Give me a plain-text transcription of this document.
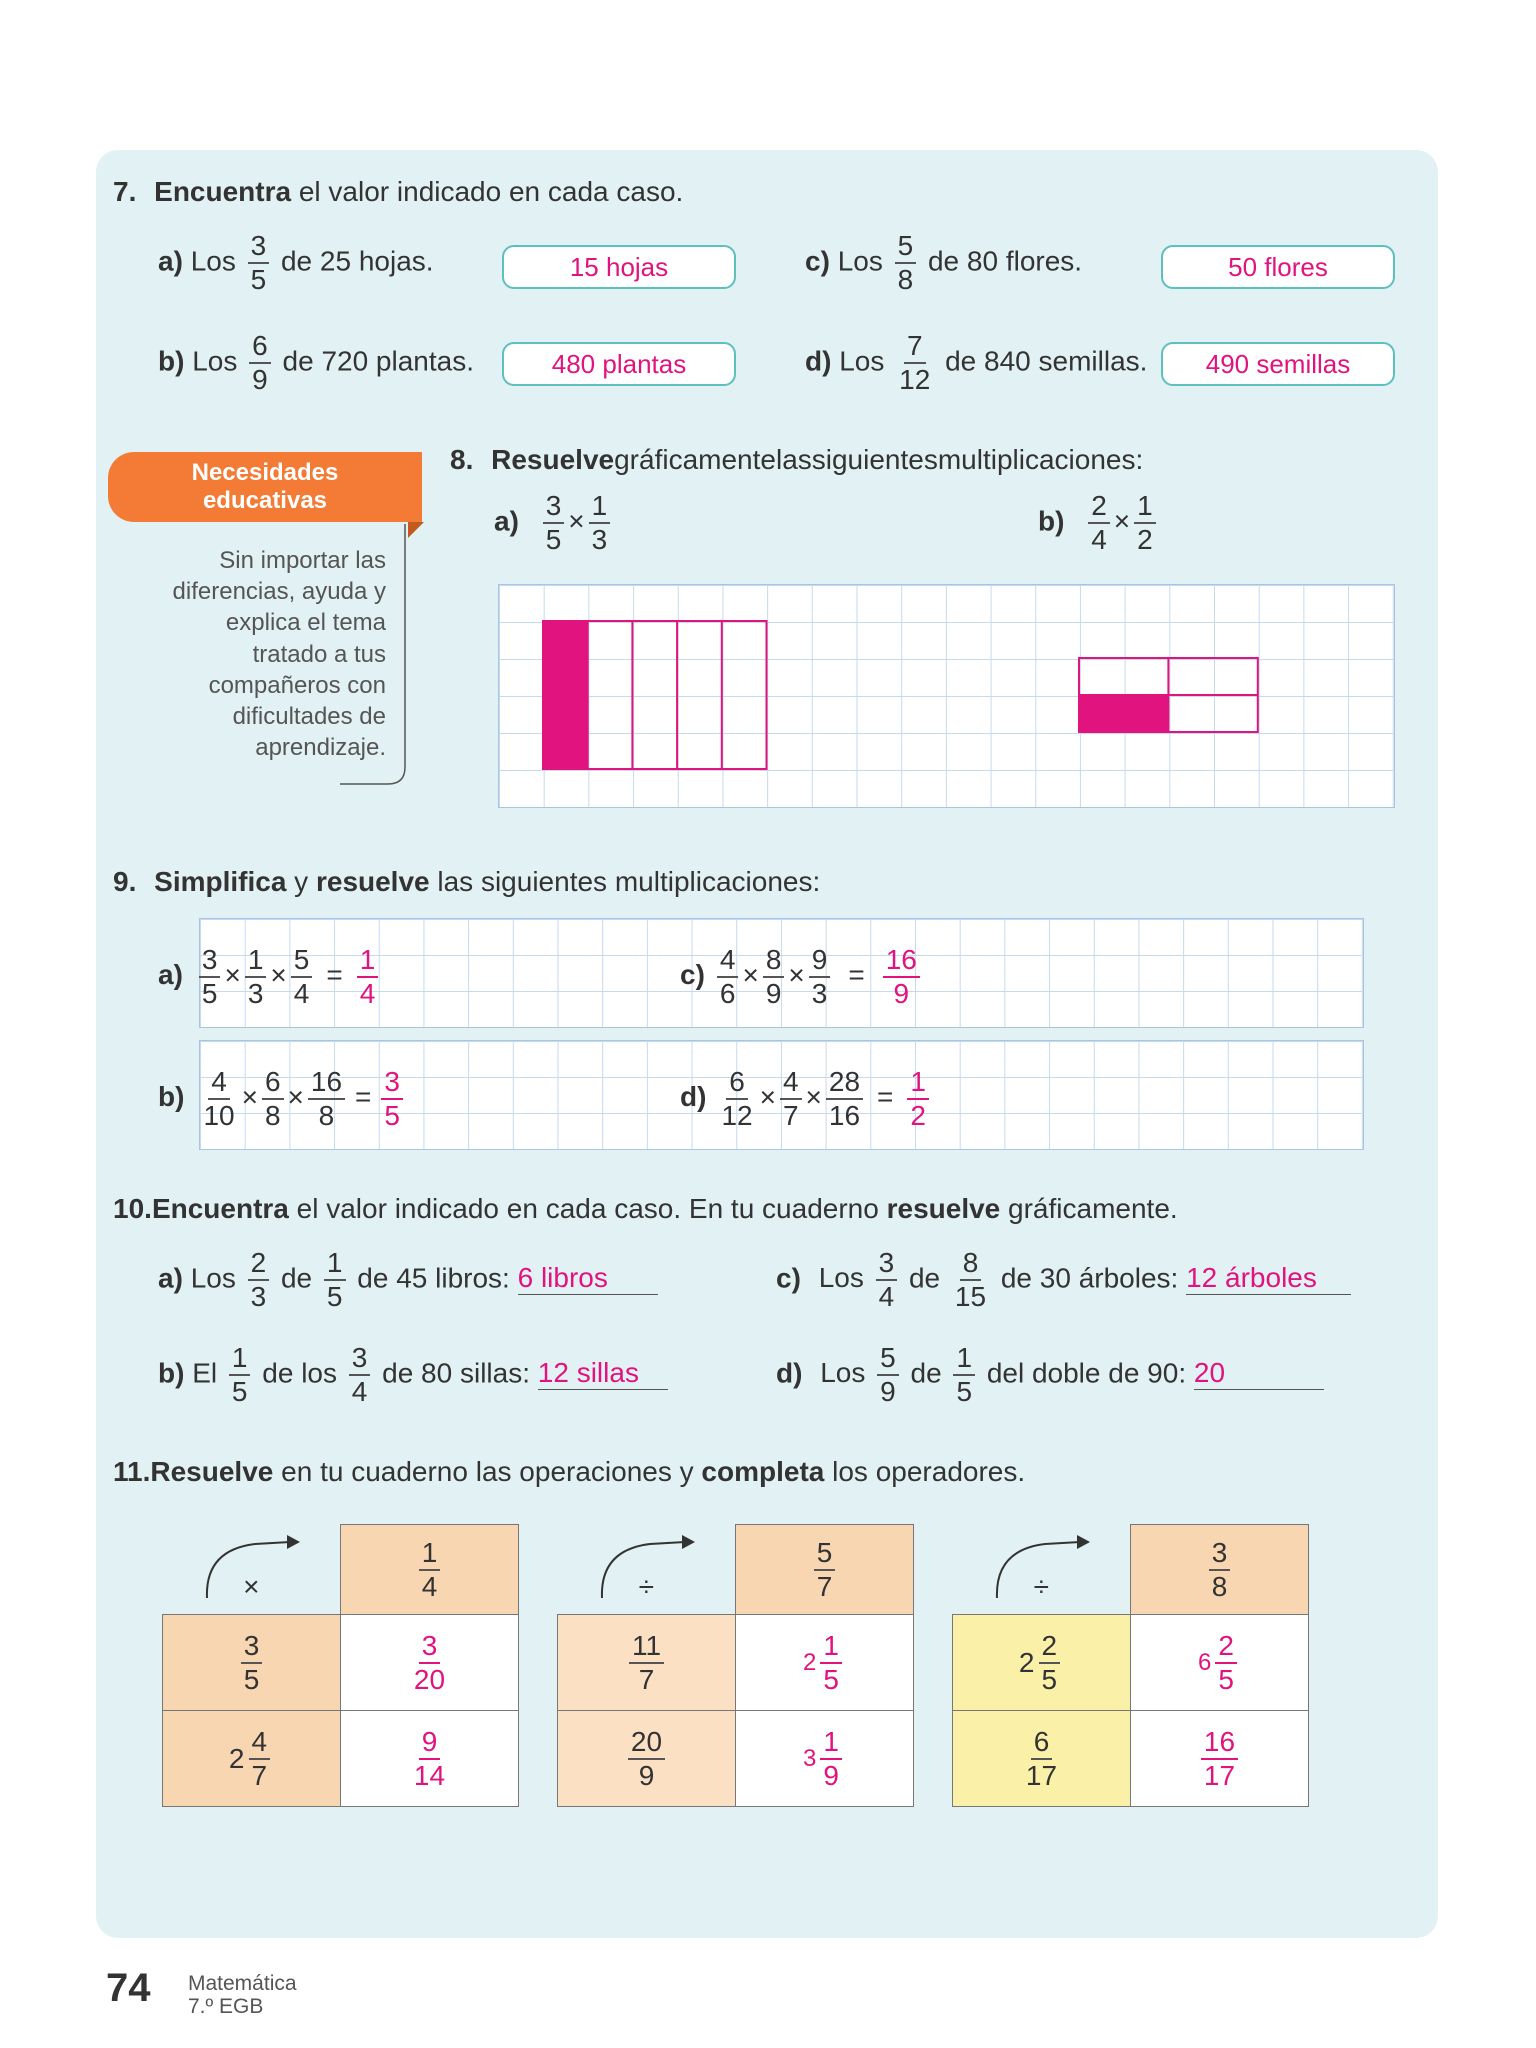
7. Encuentra el valor indicado en cada caso.
a) Los $\frac{3}{5}$ de 25 hojas.	15 hojas
b) Los $\frac{6}{9}$ de 720 plantas.	480 plantas
c) Los $\frac{5}{8}$ de 80 flores.	50 flores
d) Los $\frac{7}{12}$ de 840 semillas.	490 semillas
Necesidades
educativas
Sin importar las
diferencias, ayuda y
explica el tema
tratado a tus
compañeros con
dificultades de
aprendizaje.
8. Resuelvegráficamentelassiguientesmultiplicaciones:
$a) \frac{3}{5} \times \frac{1}{3}$	$b) \frac{2}{4} \times \frac{1}{2}$
9. Simplifica y resuelve las siguientes multiplicaciones:
$a) \frac{3}{5} \times \frac{1}{3} \times \frac{5}{4} = \frac{1}{4}$	$c) \frac{4}{6} \times \frac{8}{9} \times \frac{9}{3} = \frac{16}{9}$
$b) \frac{4}{10} \times \frac{6}{8} \times \frac{16}{8} = \frac{3}{5}$	$d) \frac{6}{12} \times \frac{4}{7} \times \frac{28}{16} = \frac{1}{2}$
10.Encuentra el valor indicado en cada caso. En tu cuaderno resuelve gráficamente.
a) Los $\frac{2}{3}$ de $\frac{1}{5}$ de 45 libros: 6 libros
b) El $\frac{1}{5}$ de los $\frac{3}{4}$ de 80 sillas: 12 sillas
c) Los $\frac{3}{4}$ de $\frac{8}{15}$ de 30 árboles: 12 árboles
d) Los $\frac{5}{9}$ de $\frac{1}{5}$ del doble de 90: 20
11.Resuelve en tu cuaderno las operaciones y completa los operadores.
×	$\frac{1}{4}$

$\frac{3}{5}$	$\frac{3}{20}$

$2 \frac{4}{7}$	$\frac{9}{14}$
÷	$\frac{5}{7}$

$\frac{11}{7}$	$2 \frac{1}{5}$

$\frac{20}{9}$	$3 \frac{1}{9}$
÷	$\frac{3}{8}$

$2 \frac{2}{5}$	$6 \frac{2}{5}$

$\frac{6}{17}$	$\frac{16}{17}$
74 Matemática
7.º EGB
